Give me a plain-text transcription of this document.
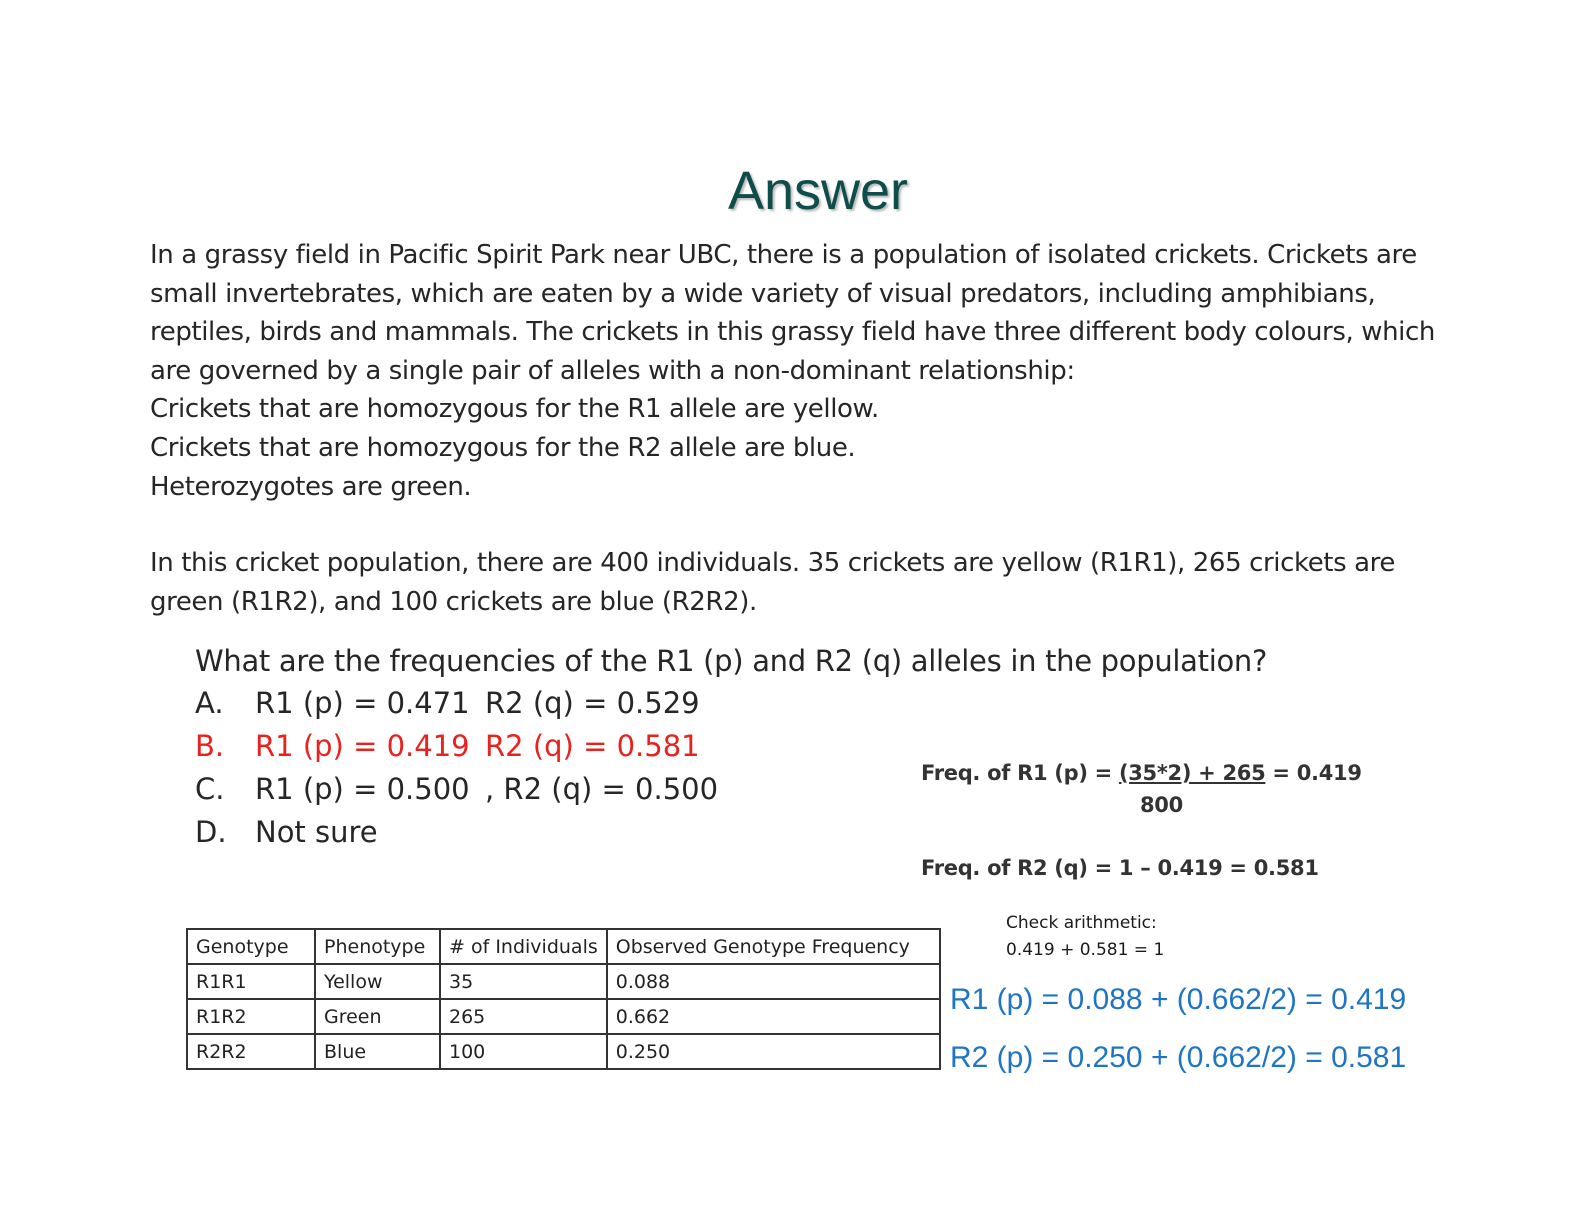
Answer

In a grassy field in Pacific Spirit Park near UBC, there is a population of isolated crickets. Crickets are

small invertebrates, which are eaten by a wide variety of visual predators, including amphibians,

reptiles, birds and mammals. The crickets in this grassy field have three different body colours, which

are governed by a single pair of alleles with a non-dominant relationship:

Crickets that are homozygous for the R1 allele are yellow.

Crickets that are homozygous for the R2 allele are blue.

Heterozygotes are green.

In this cricket population, there are 400 individuals. 35 crickets are yellow (R1R1), 265 crickets are

green (R1R2), and 100 crickets are blue (R2R2).

What are the frequencies of the R1 (p) and R2 (q) alleles in the population?
A.	R1 (p) = 0.471 R2 (q) = 0.529
B.	R1 (p) = 0.419 R2 (q) = 0.581
C.	R1 (p) = 0.500 , R2 (q) = 0.500
D. Not sure
Freq. of R1 (p) = (35*2) + 265 = 0.419
800
Freq. of R2 (q) = 1 – 0.419 = 0.581
Check arithmetic:
0.419 + 0.581 = 1
R1 (p) = 0.088 + (0.662/2) = 0.419
R2 (p) = 0.250 + (0.662/2) = 0.581
Genotype	Phenotype	# of Individuals	Observed Genotype Frequency
R1R1	Yellow	35	0.088
R1R2	Green	265	0.662
R2R2	Blue	100	0.250
